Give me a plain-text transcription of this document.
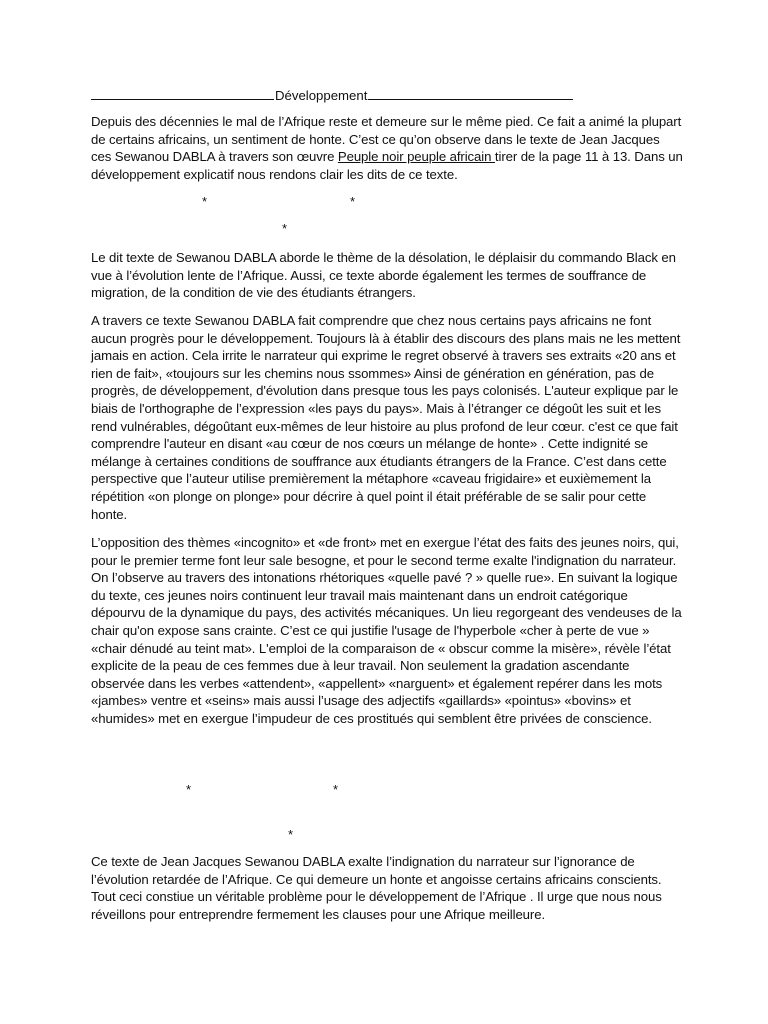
Développement

Depuis des décennies le mal de l’Afrique reste et demeure sur le même pied. Ce fait a animé la plupart de certains africains, un sentiment de honte. C’est ce qu’on observe dans le texte de Jean Jacques ces Sewanou DABLA à travers son œuvre Peuple noir peuple africain tirer de la page 11 à 13. Dans un développement explicatif nous rendons clair les dits de ce texte.

*	*
*

Le dit texte de Sewanou DABLA aborde le thème de la désolation, le déplaisir du commando Black en vue à l’évolution lente de l’Afrique. Aussi, ce texte aborde également les termes de souffrance de migration, de la condition de vie des étudiants étrangers.

A travers ce texte Sewanou DABLA fait comprendre que chez nous certains pays africains ne font aucun progrès pour le développement. Toujours là à établir des discours des plans mais ne les mettent jamais en action. Cela irrite le narrateur qui exprime le regret observé à travers ses extraits «20 ans et rien de fait», «toujours sur les chemins nous ssommes» Ainsi de génération en génération, pas de progrès, de développement, d'évolution dans presque tous les pays colonisés. L'auteur explique par le biais de l'orthographe de l’expression «les pays du pays». Mais à l’étranger ce dégoût les suit et les rend vulnérables, dégoûtant eux-mêmes de leur histoire au plus profond de leur cœur. c'est ce que fait comprendre l'auteur en disant «au cœur de nos cœurs un mélange de honte» . Cette indignité se mélange à certaines conditions de souffrance aux étudiants étrangers de la France. C’est dans cette perspective que l’auteur utilise premièrement la métaphore «caveau frigidaire» et euxièmement la répétition «on plonge on plonge» pour décrire à quel point il était préférable de se salir pour cette honte.

L’opposition des thèmes «incognito» et «de front» met en exergue l’état des faits des jeunes noirs, qui, pour le premier terme font leur sale besogne, et pour le second terme exalte l'indignation du narrateur. On l’observe au travers des intonations rhétoriques «quelle pavé ? » quelle rue». En suivant la logique du texte, ces jeunes noirs continuent leur travail mais maintenant dans un endroit catégorique dépourvu de la dynamique du pays, des activités mécaniques. Un lieu regorgeant des vendeuses de la chair qu'on expose sans crainte. C’est ce qui justifie l'usage de l'hyperbole «cher à perte de vue » «chair dénudé au teint mat». L'emploi de la comparaison de « obscur comme la misère», révèle l’état explicite de la peau de ces femmes due à leur travail. Non seulement la gradation ascendante observée dans les verbes «attendent», «appellent» «narguent» et également repérer dans les mots «jambes» ventre et «seins» mais aussi l’usage des adjectifs «gaillards» «pointus» «bovins» et «humides» met en exergue l’impudeur de ces prostitués qui semblent être privées de conscience.

*	*
*

Ce texte de Jean Jacques Sewanou DABLA exalte l’indignation du narrateur sur l’ignorance de l’évolution retardée de l’Afrique. Ce qui demeure un honte et angoisse certains africains conscients. Tout ceci constiue un véritable problème pour le développement de l’Afrique . Il urge que nous nous réveillons pour entreprendre fermement les clauses pour une Afrique meilleure.
